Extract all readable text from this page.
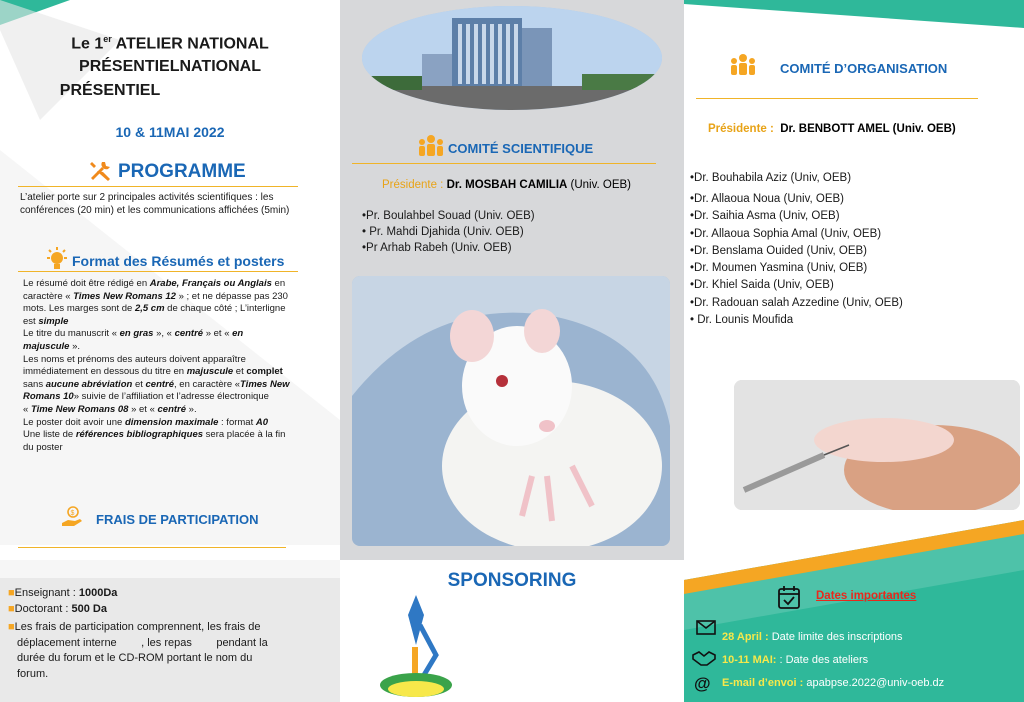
Le 1er ATELIER NATIONAL
PRÉSENTIELNATIONAL
PRÉSENTIEL
10 & 11MAI 2022
PROGRAMME
L’atelier porte sur 2 principales activités scientifiques : les conférences (20 min) et les communications affichées (5min)
Format des Résumés et posters
Le résumé doit être rédigé en Arabe, Français ou Anglais en
caractère « Times New Romans 12 » ; et ne dépasse pas 230
mots. Les marges sont de 2,5 cm de chaque côté ; L’interligne
est simple
Le titre du manuscrit « en gras », « centré » et « en
majuscule ».
Les noms et prénoms des auteurs doivent apparaître
immédiatement en dessous du titre en majuscule et complet
sans aucune abréviation et centré, en caractère «Times New
Romans 10» suivie de l’affiliation et l’adresse électronique
« Time New Romans 08 » et « centré ».
Le poster doit avoir une dimension maximale : format A0
Une liste de références bibliographiques sera placée à la fin
du poster
$ FRAIS DE PARTICIPATION
■Enseignant : 1000Da
■Doctorant : 500 Da
■Les frais de participation comprennent, les frais de
déplacement interne        , les repas        pendant la
durée du forum et le CD-ROM portant le nom du
forum.
COMITÉ SCIENTIFIQUE
Présidente : Dr. MOSBAH CAMILIA (Univ. OEB)
•Pr. Boulahbel Souad (Univ. OEB)
• Pr. Mahdi Djahida (Univ. OEB)
•Pr Arhab Rabeh (Univ. OEB)
SPONSORING
COMITÉ D’ORGANISATION
Présidente :  Dr. BENBOTT AMEL (Univ. OEB)
•Dr. Bouhabila Aziz (Univ, OEB)
•Dr. Allaoua Noua (Univ, OEB)
•Dr. Saihia Asma (Univ, OEB)
•Dr. Allaoua Sophia Amal (Univ, OEB)
•Dr. Benslama Ouided (Univ, OEB)
•Dr. Moumen Yasmina (Univ, OEB)
•Dr. Khiel Saida (Univ, OEB)
•Dr. Radouan salah Azzedine (Univ, OEB)
• Dr. Lounis Moufida
Dates importantes
28 April : Date limite des inscriptions
10-11 MAI: : Date des ateliers
@ E-mail d’envoi : apabpse.2022@univ-oeb.dz
